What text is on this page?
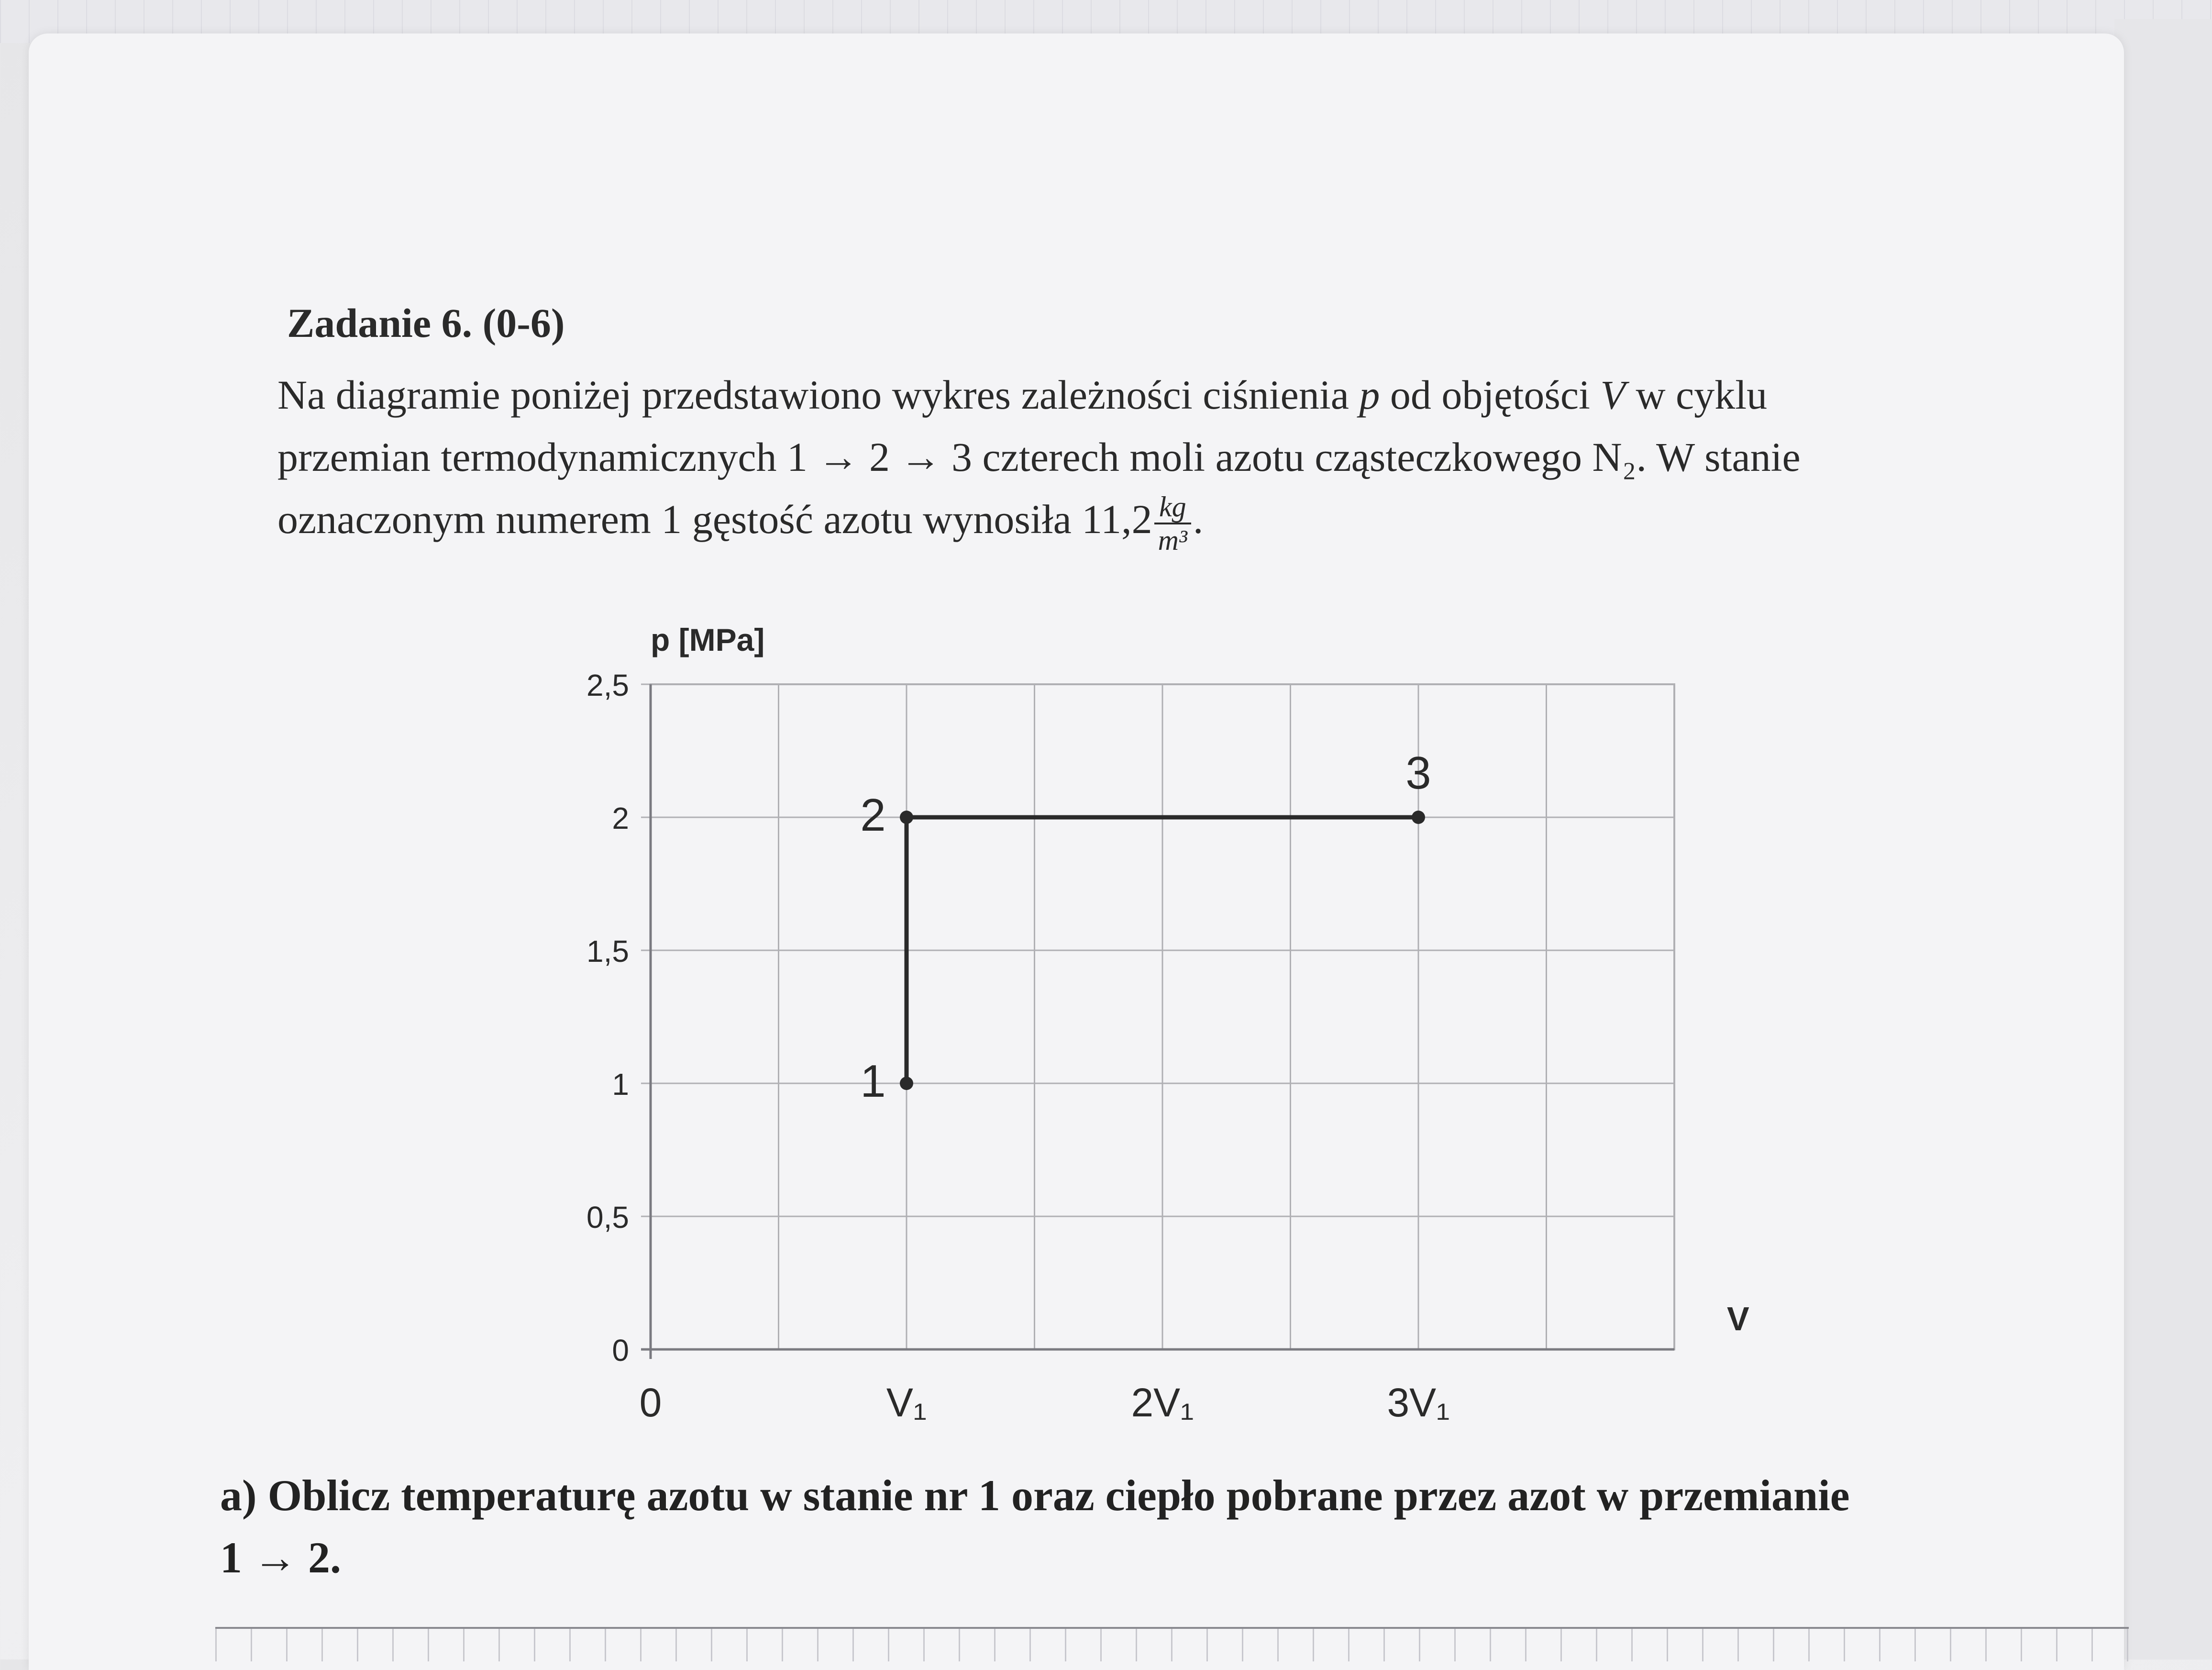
Zadanie 6. (0-6)
Na diagramie poniżej przedstawiono wykres zależności ciśnienia p od objętości V w cyklu
przemian termodynamicznych 1 → 2 → 3 czterech moli azotu cząsteczkowego N₂. W stanie
oznaczonym numerem 1 gęstość azotu wynosiła $11,2 \frac{kg}{\text{m³}}$ .
0
0,5
1
1,5
2
2,5
0	V₁	2V₁	3V₁
1
2
3
p [MPa]
V
a) Oblicz temperaturę azotu w stanie nr 1 oraz ciepło pobrane przez azot w przemianie
1 → 2.
